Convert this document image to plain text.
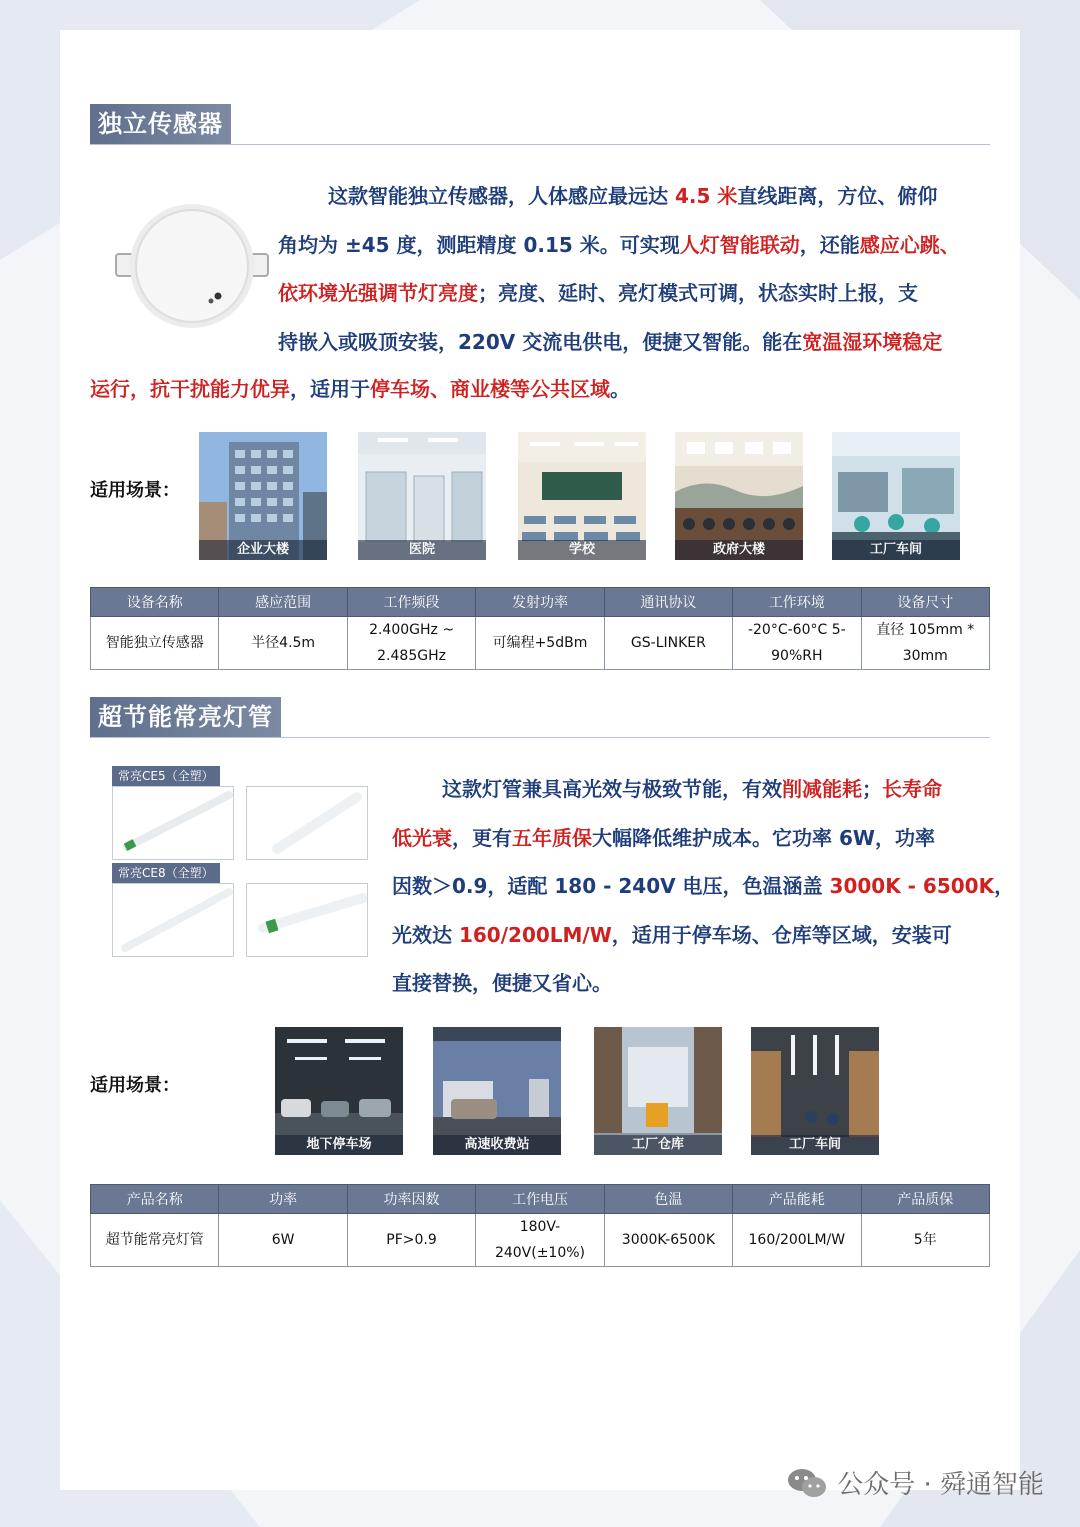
独立传感器

这款智能独立传感器，人体感应最远达 4.5 米直线距离，方位、俯仰
角均为 ±45 度，测距精度 0.15 米。可实现人灯智能联动，还能感应心跳、
依环境光强调节灯亮度；亮度、延时、亮灯模式可调，状态实时上报，支
持嵌入或吸顶安装，220V 交流电供电，便捷又智能。能在宽温湿环境稳定

运行，抗干扰能力优异，适用于停车场、商业楼等公共区域。

适用场景：
企业大楼	医院	学校	政府大楼	工厂车间
设备名称	感应范围	工作频段	发射功率	通讯协议	工作环境	设备尺寸
智能独立传感器	半径4.5m	2.400GHz ~ 2.485GHz	可编程+5dBm	GS-LINKER	-20°C-60°C 5-90%RH	直径 105mm * 30mm
超节能常亮灯管
常亮CE5（全塑）
常亮CE8（全塑）

这款灯管兼具高光效与极致节能，有效削减能耗；长寿命
低光衰，更有五年质保大幅降低维护成本。它功率 6W，功率
因数＞0.9，适配 180 - 240V 电压，色温涵盖 3000K - 6500K，
光效达 160/200LM/W，适用于停车场、仓库等区域，安装可
直接替换，便捷又省心。

适用场景：
地下停车场	高速收费站	工厂仓库	工厂车间
产品名称	功率	功率因数	工作电压	色温	产品能耗	产品质保
超节能常亮灯管	6W	PF>0.9	180V-240V(±10%)	3000K-6500K	160/200LM/W	5年
公众号 · 舜通智能
